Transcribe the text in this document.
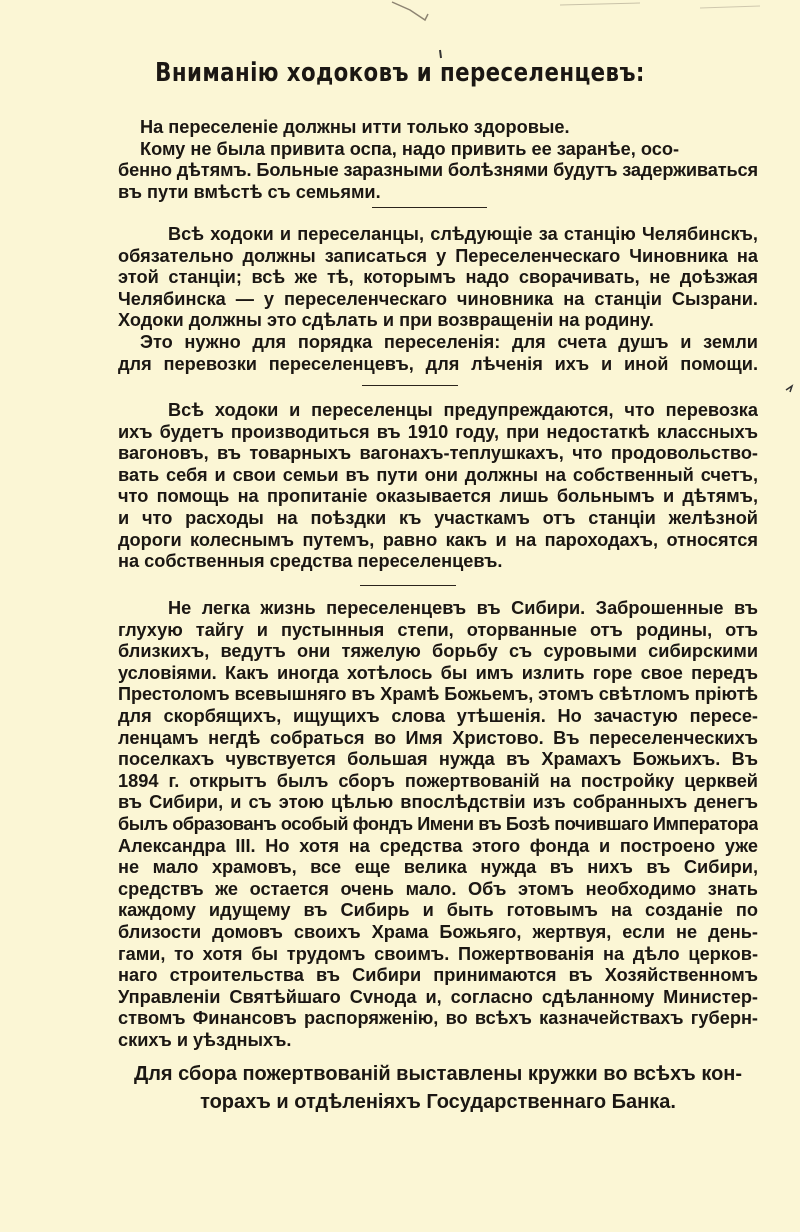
Вниманію ходоковъ и переселенцевъ:
На переселеніе должны итти только здоровые.
Кому не была привита оспа, надо привить ее заранѣе, осо-
бенно дѣтямъ. Больные заразными болѣзнями будутъ задерживаться
въ пути вмѣстѣ съ семьями.
Всѣ ходоки и переселанцы, слѣдующіе за станцію Челябинскъ,
обязательно должны записаться у Переселенческаго Чиновника на
этой станціи; всѣ же тѣ, которымъ надо сворачивать, не доѣзжая
Челябинска — у переселенческаго чиновника на станціи Сызрани.
Ходоки должны это сдѣлать и при возвращеніи на родину.
Это нужно для порядка переселенія: для счета душъ и земли
для перевозки переселенцевъ, для лѣченія ихъ и иной помощи.
Всѣ ходоки и переселенцы предупреждаются, что перевозка
ихъ будетъ производиться въ 1910 году, при недостаткѣ классныхъ
вагоновъ, въ товарныхъ вагонахъ-теплушкахъ, что продовольство-
вать себя и свои семьи въ пути они должны на собственный счетъ,
что помощь на пропитаніе оказывается лишь больнымъ и дѣтямъ,
и что расходы на поѣздки къ участкамъ отъ станціи желѣзной
дороги колеснымъ путемъ, равно какъ и на пароходахъ, относятся
на собственныя средства переселенцевъ.
Не легка жизнь переселенцевъ въ Сибири. Заброшенные въ
глухую тайгу и пустынныя степи, оторванные отъ родины, отъ
близкихъ, ведутъ они тяжелую борьбу съ суровыми сибирскими
условіями. Какъ иногда хотѣлось бы имъ излить горе свое передъ
Престоломъ всевышняго въ Храмѣ Божьемъ, этомъ свѣтломъ пріютѣ
для скорбящихъ, ищущихъ слова утѣшенія. Но зачастую пересе-
ленцамъ негдѣ собраться во Имя Христово. Въ переселенческихъ
поселкахъ чувствуется большая нужда въ Храмахъ Божьихъ. Въ
1894 г. открытъ былъ сборъ пожертвованій на постройку церквей
въ Сибири, и съ этою цѣлью впослѣдствіи изъ собранныхъ денегъ
былъ образованъ особый фондъ Имени въ Бозѣ почившаго Императора
Александра III. Но хотя на средства этого фонда и построено уже
не мало храмовъ, все еще велика нужда въ нихъ въ Сибири,
средствъ же остается очень мало. Объ этомъ необходимо знать
каждому идущему въ Сибирь и быть готовымъ на созданіе по
близости домовъ своихъ Храма Божьяго, жертвуя, если не день-
гами, то хотя бы трудомъ своимъ. Пожертвованія на дѣло церков-
наго строительства въ Сибири принимаются въ Хозяйственномъ
Управленіи Святѣйшаго Сvнода и, согласно сдѣланному Министер-
ствомъ Финансовъ распоряженію, во всѣхъ казначействахъ губерн-
скихъ и уѣздныхъ.
Для сбора пожертвованій выставлены кружки во всѣхъ кон-
торахъ и отдѣленіяхъ Государственнаго Банка.
